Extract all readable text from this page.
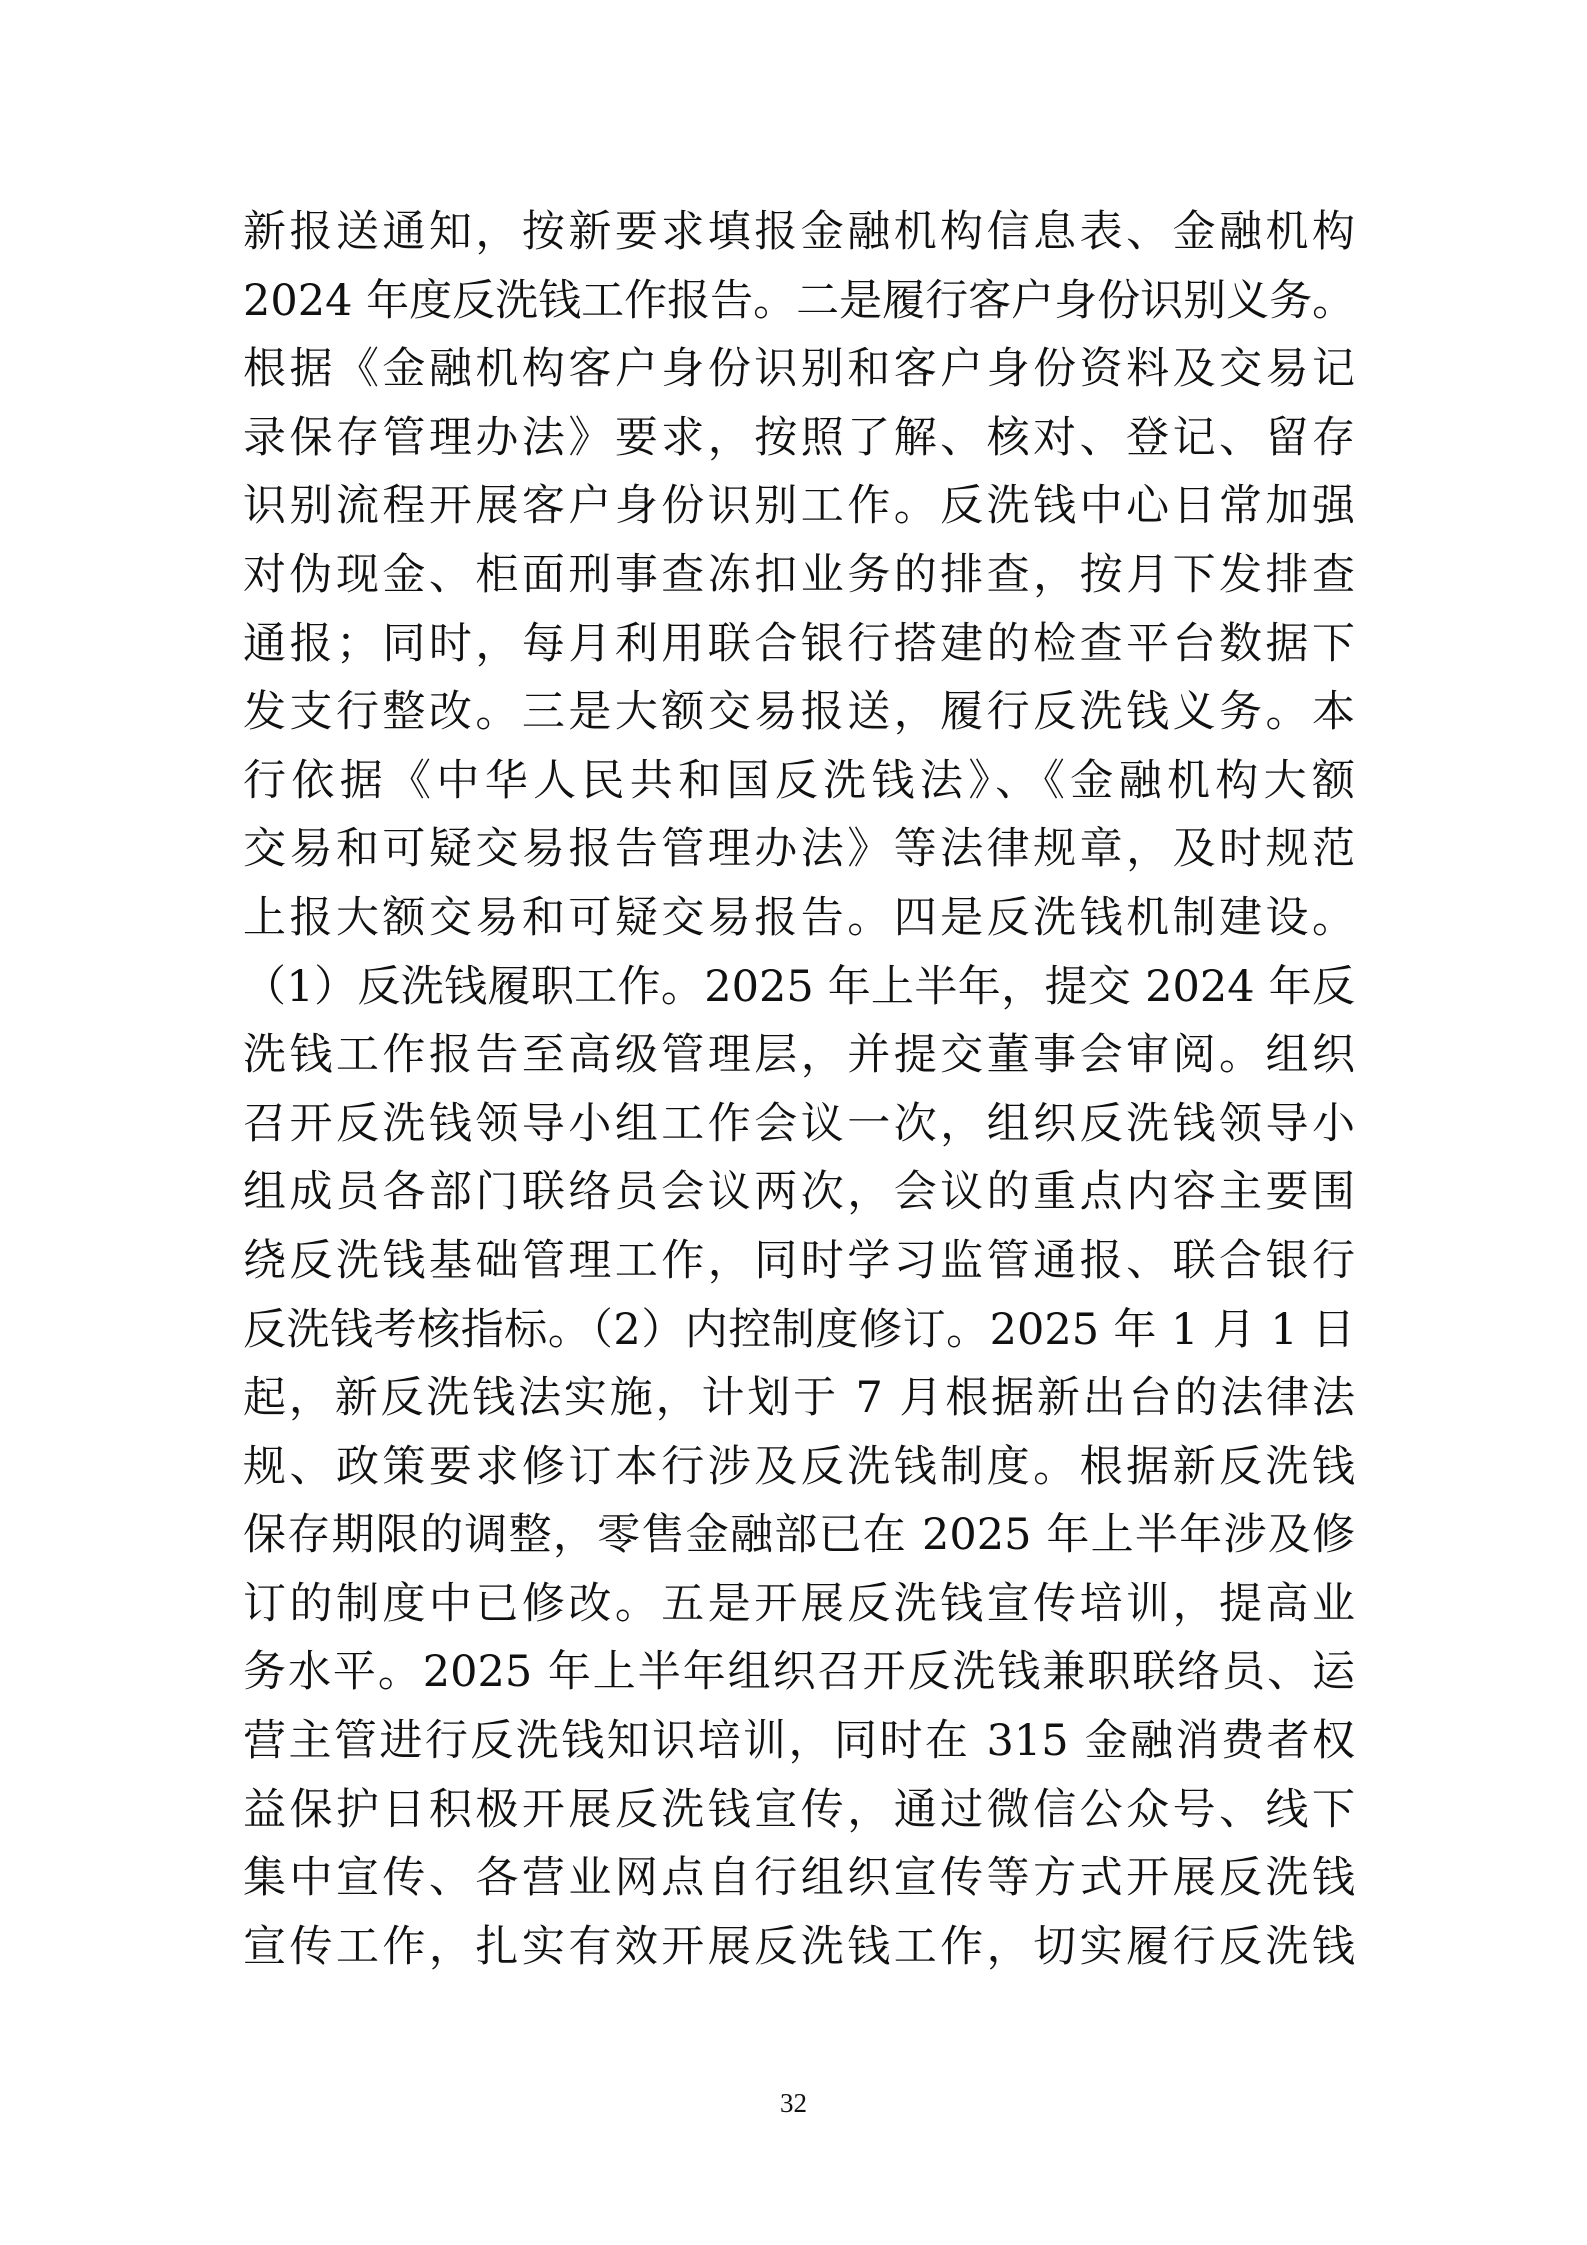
新报送通知，按新要求填报金融机构信息表、金融机构
2024 年度反洗钱工作报告。二是履行客户身份识别义务。
根据《金融机构客户身份识别和客户身份资料及交易记
录保存管理办法》要求，按照了解、核对、登记、留存
识别流程开展客户身份识别工作。反洗钱中心日常加强
对伪现金、柜面刑事查冻扣业务的排查，按月下发排查
通报；同时，每月利用联合银行搭建的检查平台数据下
发支行整改。三是大额交易报送，履行反洗钱义务。本
行依据《中华人民共和国反洗钱法》、《金融机构大额
交易和可疑交易报告管理办法》等法律规章，及时规范
上报大额交易和可疑交易报告。四是反洗钱机制建设。
（1）反洗钱履职工作。2025 年上半年，提交 2024 年反
洗钱工作报告至高级管理层，并提交董事会审阅。组织
召开反洗钱领导小组工作会议一次，组织反洗钱领导小
组成员各部门联络员会议两次，会议的重点内容主要围
绕反洗钱基础管理工作，同时学习监管通报、联合银行
反洗钱考核指标。（2）内控制度修订。2025 年 1 月 1 日
起，新反洗钱法实施，计划于 7 月根据新出台的法律法
规、政策要求修订本行涉及反洗钱制度。根据新反洗钱
保存期限的调整，零售金融部已在 2025 年上半年涉及修
订的制度中已修改。五是开展反洗钱宣传培训，提高业
务水平。2025 年上半年组织召开反洗钱兼职联络员、运
营主管进行反洗钱知识培训，同时在 315 金融消费者权
益保护日积极开展反洗钱宣传，通过微信公众号、线下
集中宣传、各营业网点自行组织宣传等方式开展反洗钱
宣传工作，扎实有效开展反洗钱工作，切实履行反洗钱
32
